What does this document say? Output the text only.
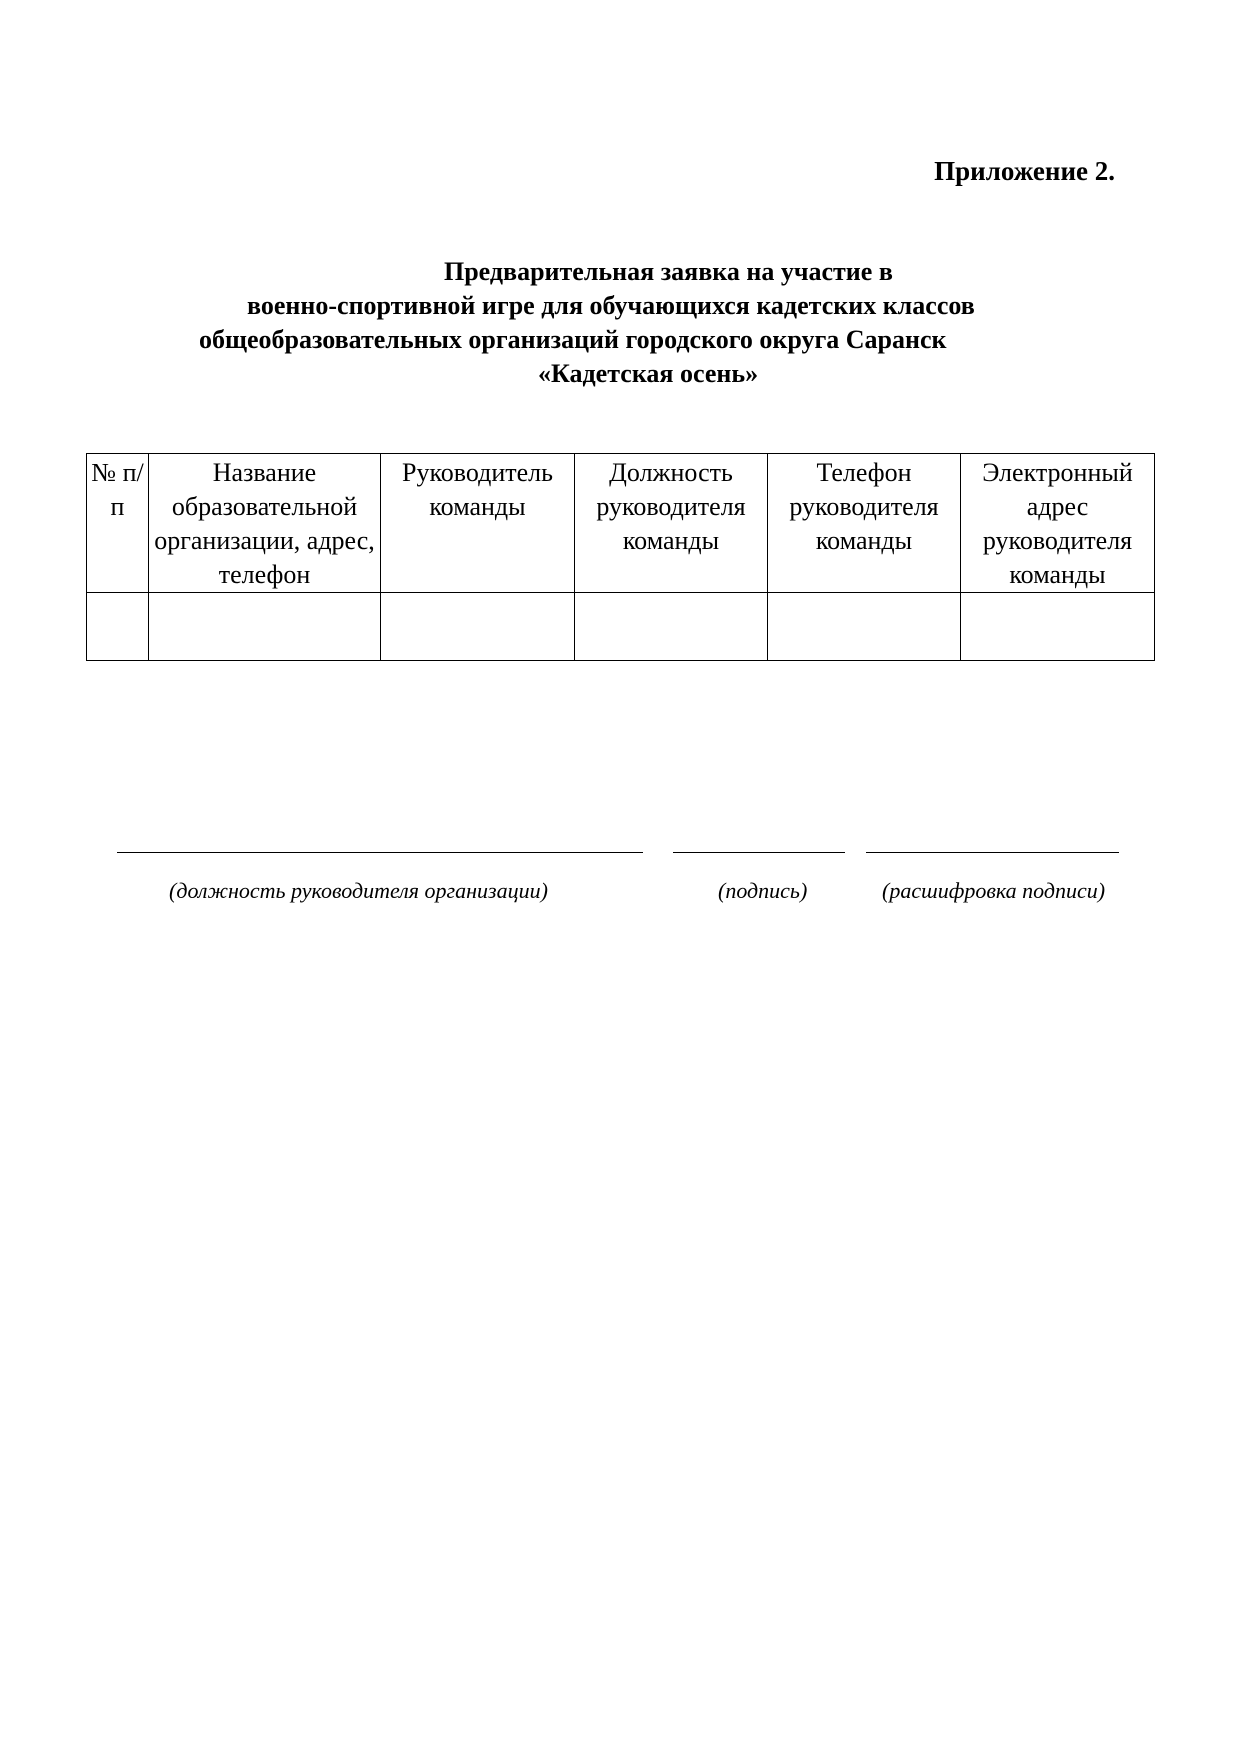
Приложение 2.

Предварительная заявка на участие в
военно-спортивной игре для обучающихся кадетских классов
общеобразовательных организаций городского округа Саранск
«Кадетская осень»
№ п/п	Название образовательной организации, адрес, телефон	Руководитель команды	Должность руководителя команды	Телефон руководителя команды	Электронный адрес руководителя команды

(должность руководителя организации)	(подпись)	(расшифровка подписи)
